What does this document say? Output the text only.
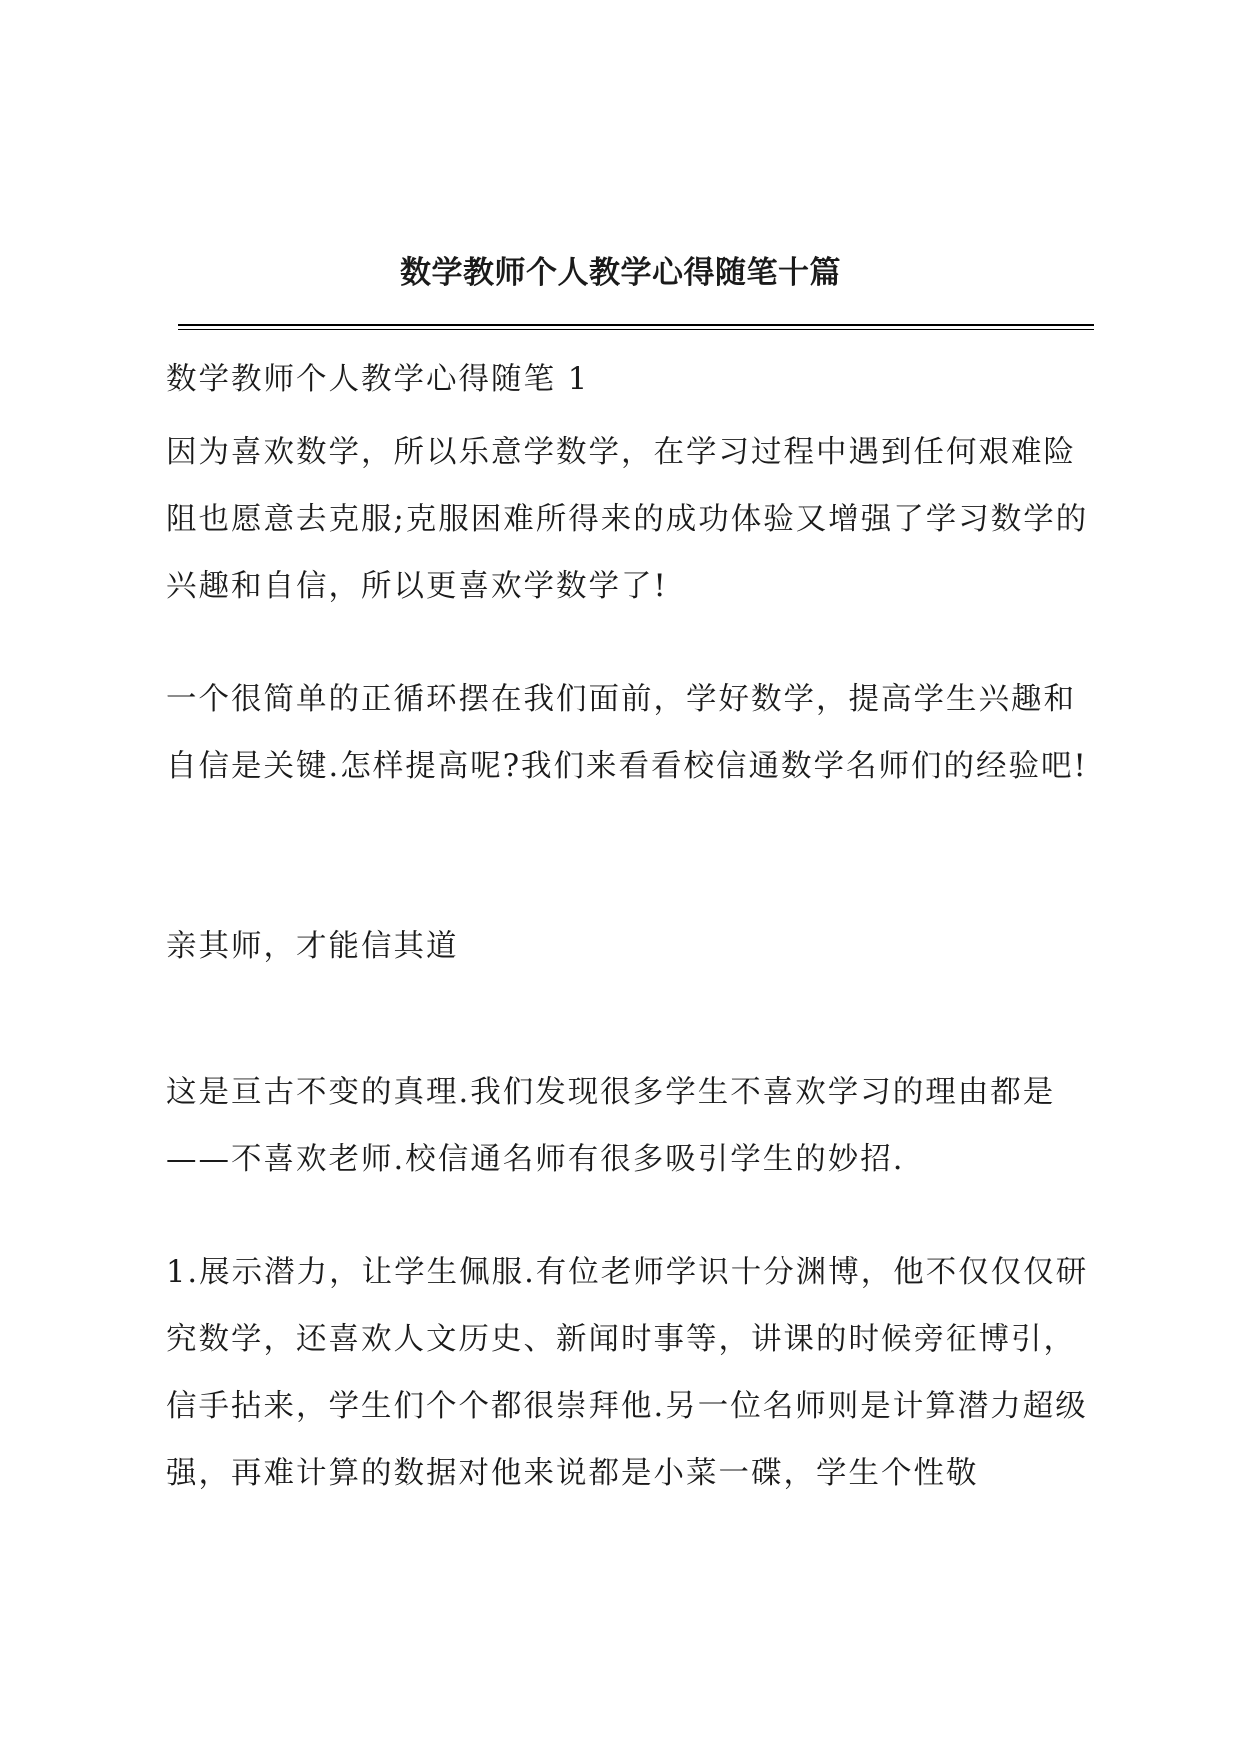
数学教师个人教学心得随笔十篇

数学教师个人教学心得随笔 1

因为喜欢数学，所以乐意学数学，在学习过程中遇到任何艰难险阻也愿意去克服;克服困难所得来的成功体验又增强了学习数学的兴趣和自信，所以更喜欢学数学了!

一个很简单的正循环摆在我们面前，学好数学，提高学生兴趣和自信是关键.怎样提高呢?我们来看看校信通数学名师们的经验吧!

亲其师，才能信其道

这是亘古不变的真理.我们发现很多学生不喜欢学习的理由都是——不喜欢老师.校信通名师有很多吸引学生的妙招.

1.展示潜力，让学生佩服.有位老师学识十分渊博，他不仅仅仅研究数学，还喜欢人文历史、新闻时事等，讲课的时候旁征博引，信手拈来，学生们个个都很崇拜他.另一位名师则是计算潜力超级强，再难计算的数据对他来说都是小菜一碟，学生个性敬
